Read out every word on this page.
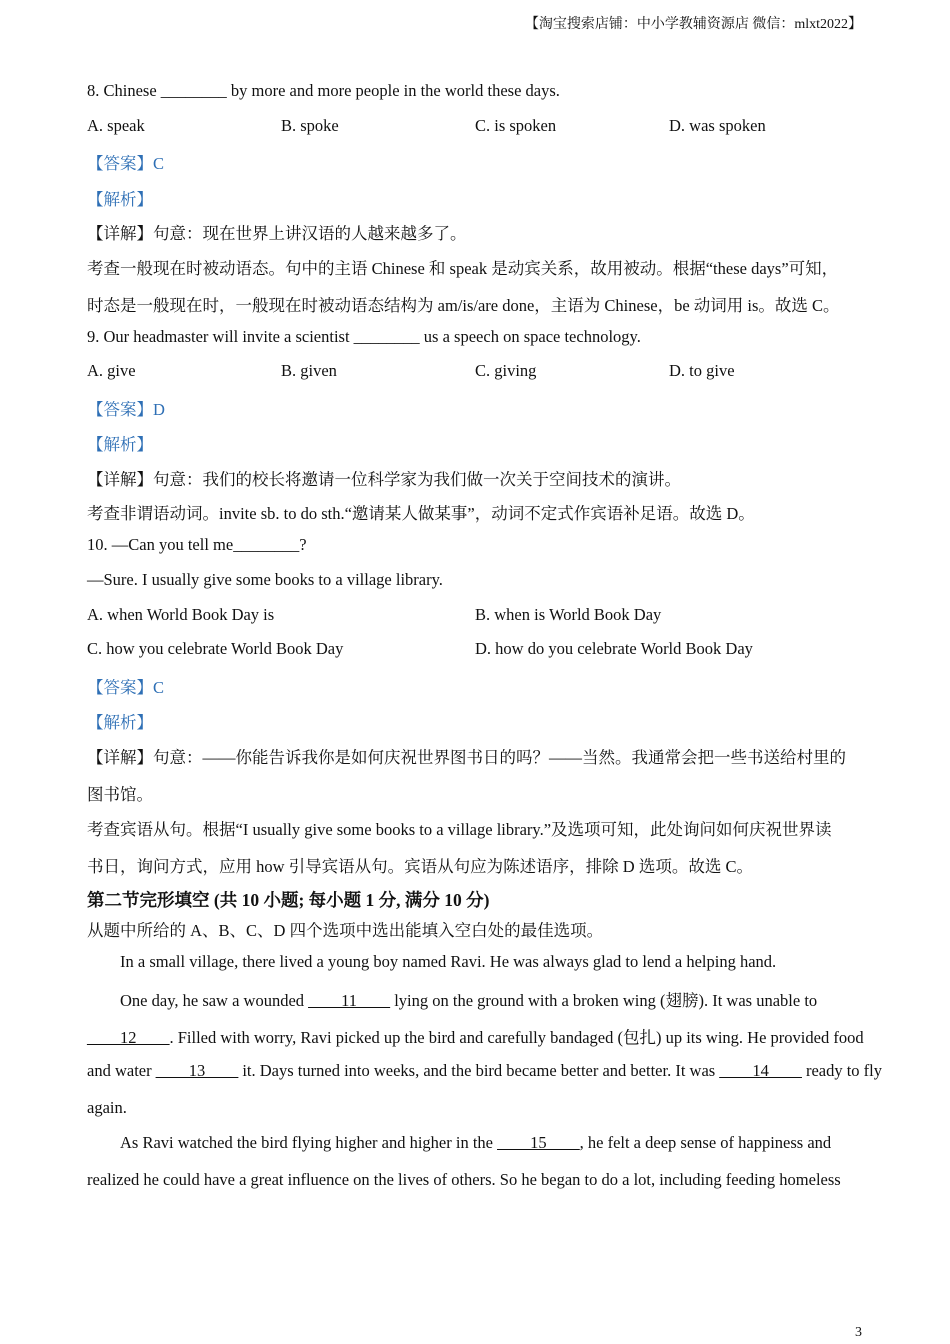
【淘宝搜索店铺：中小学教辅资源店 微信：mlxt2022】
8. Chinese ________ by more and more people in the world these days.
A. speak	B. spoke	C. is spoken	D. was spoken
【答案】C
【解析】
【详解】句意：现在世界上讲汉语的人越来越多了。
考查一般现在时被动语态。句中的主语 Chinese 和 speak 是动宾关系，故用被动。根据“these days”可知，
时态是一般现在时，一般现在时被动语态结构为 am/is/are done，主语为 Chinese，be 动词用 is。故选 C。
9. Our headmaster will invite a scientist ________ us a speech on space technology.
A. give	B. given	C. giving	D. to give
【答案】D
【解析】
【详解】句意：我们的校长将邀请一位科学家为我们做一次关于空间技术的演讲。
考查非谓语动词。invite sb. to do sth.“邀请某人做某事”，动词不定式作宾语补足语。故选 D。
10. —Can you tell me________?
—Sure. I usually give some books to a village library.
A. when World Book Day is	B. when is World Book Day
C. how you celebrate World Book Day	D. how do you celebrate World Book Day
【答案】C
【解析】
【详解】句意：——你能告诉我你是如何庆祝世界图书日的吗？——当然。我通常会把一些书送给村里的
图书馆。
考查宾语从句。根据“I usually give some books to a village library.”及选项可知，此处询问如何庆祝世界读
书日，询问方式，应用 how 引导宾语从句。宾语从句应为陈述语序，排除 D 选项。故选 C。
第二节完形填空 (共 10 小题; 每小题 1 分, 满分 10 分)
从题中所给的 A、B、C、D 四个选项中选出能填入空白处的最佳选项。
In a small village, there lived a young boy named Ravi. He was always glad to lend a helping hand.
One day, he saw a wounded ____11____ lying on the ground with a broken wing (翅膀). It was unable to
____12____. Filled with worry, Ravi picked up the bird and carefully bandaged (包扎) up its wing. He provided food
and water ____13____ it. Days turned into weeks, and the bird became better and better. It was ____14____ ready to fly
again.
As Ravi watched the bird flying higher and higher in the ____15____, he felt a deep sense of happiness and
realized he could have a great influence on the lives of others. So he began to do a lot, including feeding homeless
3
